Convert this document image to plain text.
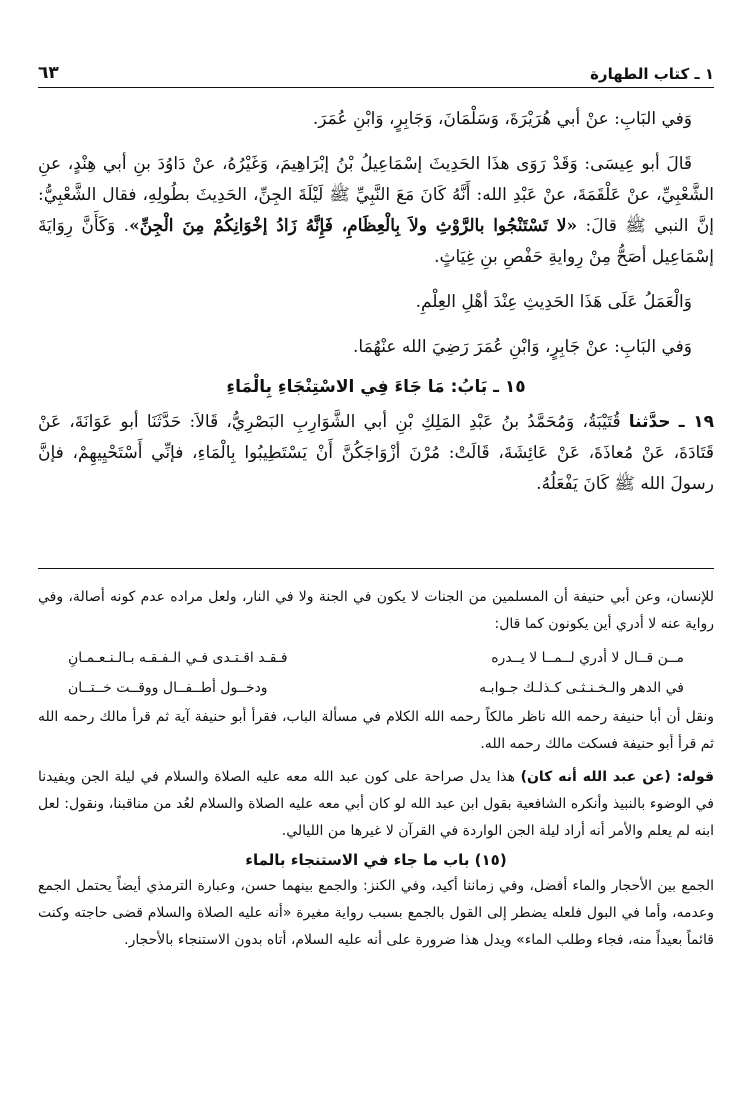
١ ـ كتاب الطهارة
٦٣

وَفي البَابِ: عنْ أبي هُرَيْرَةَ، وَسَلْمَانَ، وَجَابِرٍ، وَابْنِ عُمَرَ.

قَالَ أبو عِيسَى: وَقَدْ رَوَى هذَا الحَدِيثَ إسْمَاعِيلُ بْنُ إبْرَاهِيمَ، وَغَيْرُهُ، عنْ دَاوُدَ بنِ أبي هِنْدٍ، عنِ الشَّعْبِيِّ، عنْ عَلْقَمَةَ، عنْ عَبْدِ الله: أَنَّهُ كَانَ مَعَ النَّبِيِّ ﷺ لَيْلَةَ الجِنِّ، الحَدِيثَ بطُولِهِ، فقال الشَّعْبِيُّ: إنَّ النبي ﷺ قالَ: «لا تَسْتَنْجُوا بالرَّوْثِ ولاَ بِالْعِظَامِ، فَإِنَّهُ زَادُ إخْوَانِكُمْ مِنَ الْجِنِّ». وَكَأَنَّ رِوَايَةَ إسْمَاعِيل أصَحُّ مِنْ رِوايةِ حَفْصِ بنِ غِيَاثٍ.

وَالْعَمَلُ عَلَى هَذَا الحَدِيثِ عِنْدَ أهْلِ العِلْمِ.

وَفي البَابِ: عنْ جَابِرٍ، وَابْنِ عُمَرَ رَضِيَ الله عنْهُمَا.

١٥ ـ بَابُ: مَا جَاءَ فِي الاسْتِنْجَاءِ بِالْمَاءِ

١٩ ـ حدَّثنا قُتَيْبَةُ، وَمُحَمَّدُ بنُ عَبْدِ المَلِكِ بْنِ أبي الشَّوَارِبِ البَصْرِيُّ، قَالاَ: حَدَّثَنَا أبو عَوَانَةَ، عَنْ قَتَادَةَ، عَنْ مُعاذَةَ، عَنْ عَائِشَةَ، قَالَتْ: مُرْنَ أزْوَاجَكُنَّ أَنْ يَسْتَطِيبُوا بِالْمَاءِ، فإنِّي أَسْتَحْيِيهِمْ، فإنَّ رسولَ الله ﷺ كَانَ يَفْعَلُهُ.

للإنسان، وعن أبي حنيفة أن المسلمين من الجنات لا يكون في الجنة ولا في النار، ولعل مراده عدم كونه أصالة، وفي رواية عنه لا أدري أين يكونون كما قال:

مــن قــال لا أدري لــمــا لا يــدره
فـقـد اقـتـدى فـي الـفـقـه بـالـنـعـمـانِ
في الدهر والـخـنـثـى كـذلـك جـوابـه
ودخــول أطــفــال ووقــت خــتــان

ونقل أن أبا حنيفة رحمه الله ناظر مالكاً رحمه الله الكلام في مسألة الباب، فقرأ أبو حنيفة آية ثم قرأ مالك رحمه الله ثم قرأ أبو حنيفة فسكت مالك رحمه الله.

قوله: (عن عبد الله أنه كان) هذا يدل صراحة على كون عبد الله معه عليه الصلاة والسلام في ليلة الجن ويفيدنا في الوضوء بالنبيذ وأنكره الشافعية بقول ابن عبد الله لو كان أبي معه عليه الصلاة والسلام لعُد من مناقبنا، ونقول: لعل ابنه لم يعلم والأمر أنه أراد ليلة الجن الواردة في القرآن لا غيرها من الليالي.

(١٥) باب ما جاء في الاستنجاء بالماء

الجمع بين الأحجار والماء أفضل، وفي زماننا أكيد، وفي الكنز: والجمع بينهما حسن، وعبارة الترمذي أيضاً يحتمل الجمع وعدمه، وأما في البول فلعله يضطر إلى القول بالجمع بسبب رواية مغيرة «أنه عليه الصلاة والسلام قضى حاجته وكنت قائماً بعيداً منه، فجاء وطلب الماء» ويدل هذا ضرورة على أنه عليه السلام، أتاه بدون الاستنجاء بالأحجار.
